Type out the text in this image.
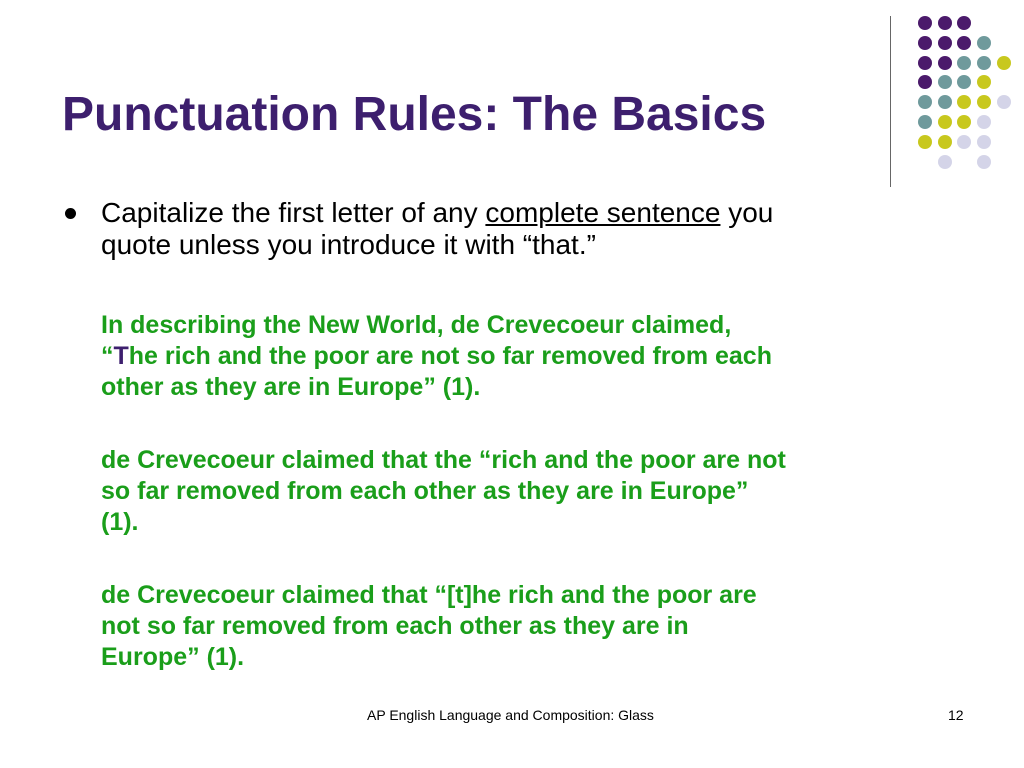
Punctuation Rules: The Basics
Capitalize the first letter of any complete sentence you
quote unless you introduce it with “that.”
In describing the New World, de Crevecoeur claimed,
“The rich and the poor are not so far removed from each
other as they are in Europe” (1).
de Crevecoeur claimed that the “rich and the poor are not
so far removed from each other as they are in Europe”
(1).
de Crevecoeur claimed that “[t]he rich and the poor are
not so far removed from each other as they are in
Europe” (1).
AP English Language and Composition: Glass	12
